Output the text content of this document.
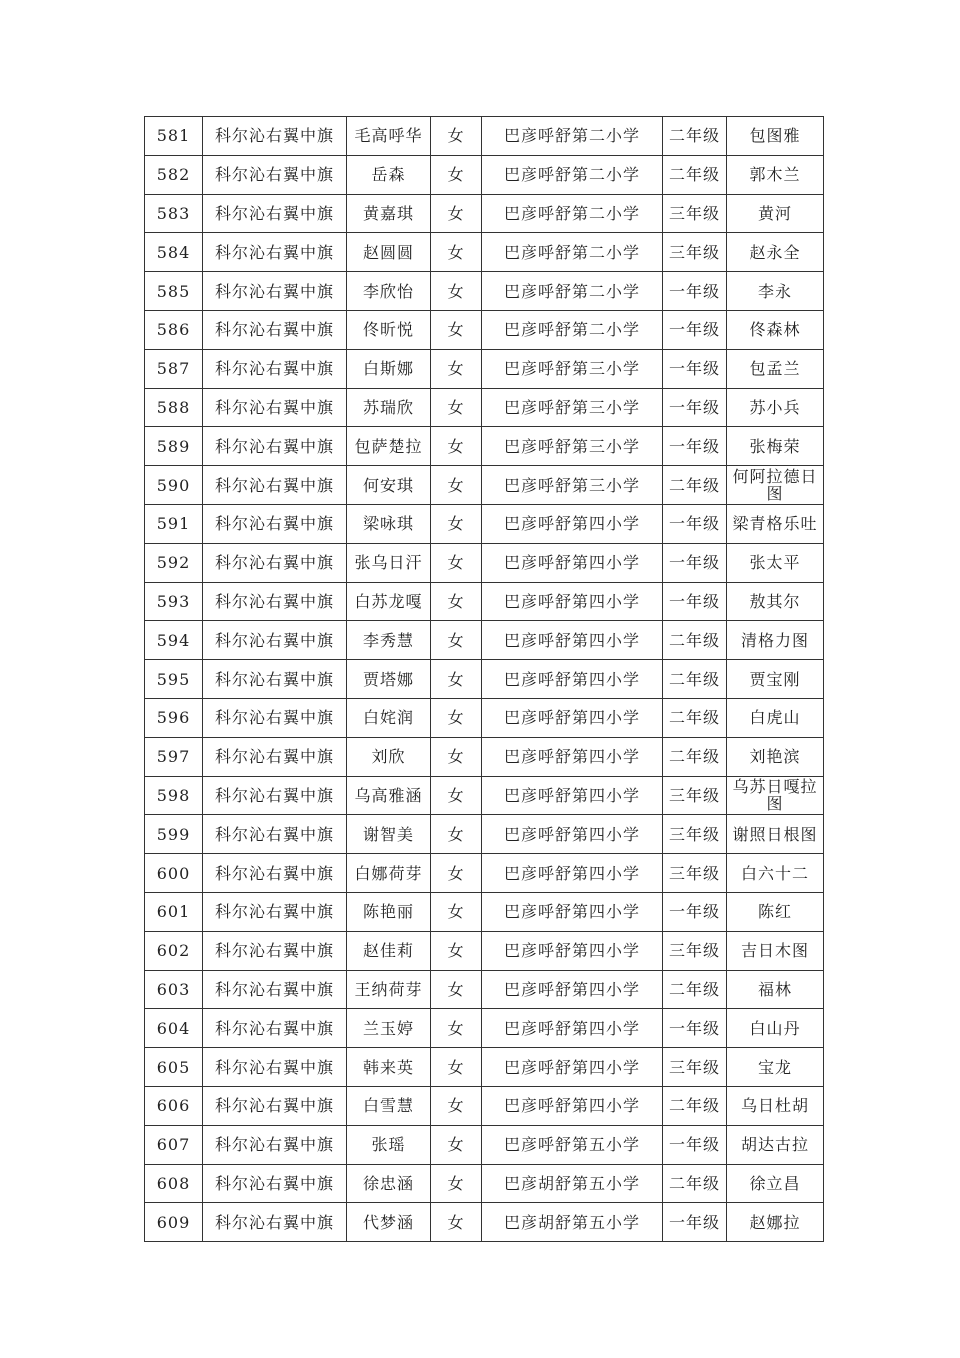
581	科尔沁右翼中旗	毛高呼华	女	巴彦呼舒第二小学	二年级	包图雅
582	科尔沁右翼中旗	岳森	女	巴彦呼舒第二小学	二年级	郭木兰
583	科尔沁右翼中旗	黄嘉琪	女	巴彦呼舒第二小学	三年级	黄河
584	科尔沁右翼中旗	赵圆圆	女	巴彦呼舒第二小学	三年级	赵永全
585	科尔沁右翼中旗	李欣怡	女	巴彦呼舒第二小学	一年级	李永
586	科尔沁右翼中旗	佟昕悦	女	巴彦呼舒第二小学	一年级	佟森林
587	科尔沁右翼中旗	白斯娜	女	巴彦呼舒第三小学	一年级	包孟兰
588	科尔沁右翼中旗	苏瑞欣	女	巴彦呼舒第三小学	一年级	苏小兵
589	科尔沁右翼中旗	包萨楚拉	女	巴彦呼舒第三小学	一年级	张梅荣
590	科尔沁右翼中旗	何安琪	女	巴彦呼舒第三小学	二年级	何阿拉德日图
591	科尔沁右翼中旗	梁咏琪	女	巴彦呼舒第四小学	一年级	梁青格乐吐
592	科尔沁右翼中旗	张乌日汗	女	巴彦呼舒第四小学	一年级	张太平
593	科尔沁右翼中旗	白苏龙嘎	女	巴彦呼舒第四小学	一年级	敖其尔
594	科尔沁右翼中旗	李秀慧	女	巴彦呼舒第四小学	二年级	清格力图
595	科尔沁右翼中旗	贾塔娜	女	巴彦呼舒第四小学	二年级	贾宝刚
596	科尔沁右翼中旗	白姹润	女	巴彦呼舒第四小学	二年级	白虎山
597	科尔沁右翼中旗	刘欣	女	巴彦呼舒第四小学	二年级	刘艳滨
598	科尔沁右翼中旗	乌高雅涵	女	巴彦呼舒第四小学	三年级	乌苏日嘎拉图
599	科尔沁右翼中旗	谢智美	女	巴彦呼舒第四小学	三年级	谢照日根图
600	科尔沁右翼中旗	白娜荷芽	女	巴彦呼舒第四小学	三年级	白六十二
601	科尔沁右翼中旗	陈艳丽	女	巴彦呼舒第四小学	一年级	陈红
602	科尔沁右翼中旗	赵佳莉	女	巴彦呼舒第四小学	三年级	吉日木图
603	科尔沁右翼中旗	王纳荷芽	女	巴彦呼舒第四小学	二年级	福林
604	科尔沁右翼中旗	兰玉婷	女	巴彦呼舒第四小学	一年级	白山丹
605	科尔沁右翼中旗	韩来英	女	巴彦呼舒第四小学	三年级	宝龙
606	科尔沁右翼中旗	白雪慧	女	巴彦呼舒第四小学	二年级	乌日杜胡
607	科尔沁右翼中旗	张瑶	女	巴彦呼舒第五小学	一年级	胡达古拉
608	科尔沁右翼中旗	徐忠涵	女	巴彦胡舒第五小学	二年级	徐立昌
609	科尔沁右翼中旗	代梦涵	女	巴彦胡舒第五小学	一年级	赵娜拉
